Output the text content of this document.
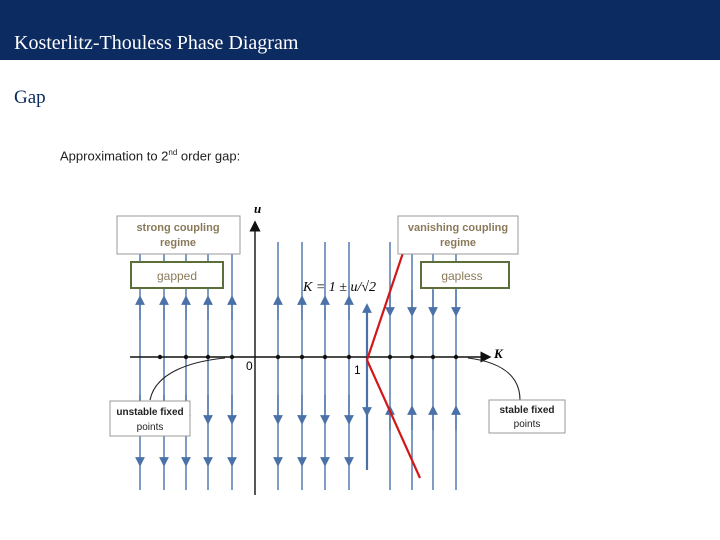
Kosterlitz-Thouless Phase Diagram
Gap
Approximation to 2nd order gap:
K
u
0	1
K = 1 ± u/√2
strong coupling
regime
vanishing coupling
regime
gapped	gapless
unstable fixed
points
stable fixed
points
